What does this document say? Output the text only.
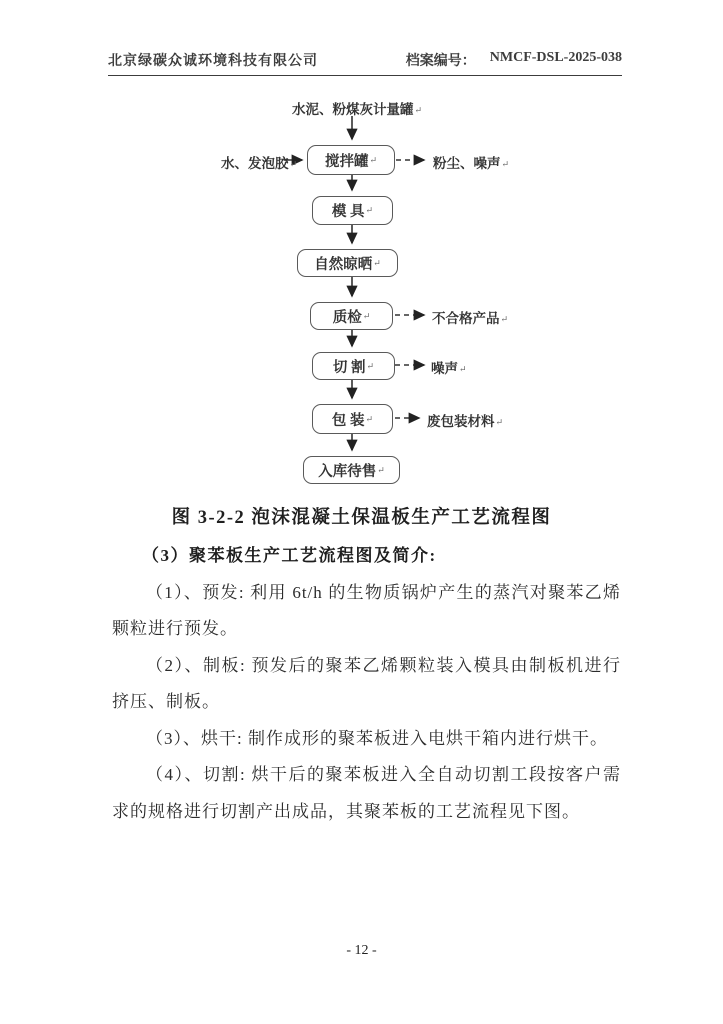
北京绿碳众诚环境科技有限公司	档案编号： NMCF-DSL-2025-038
水泥、粉煤灰计量罐↵
水、发泡胶↵ 搅拌罐 ↵
模 具 ↵
自然晾晒 ↵
质检 ↵
切 割 ↵
包 装 ↵
入库待售 ↵
粉尘、噪声↵
不合格产品↵
噪声↵
废包装材料↵
图 3-2-2 泡沫混凝土保温板生产工艺流程图

（3）聚苯板生产工艺流程图及简介:

（1）、预发: 利用 6t/h 的生物质锅炉产生的蒸汽对聚苯乙烯颗粒进行预发。

（2）、制板: 预发后的聚苯乙烯颗粒装入模具由制板机进行挤压、制板。

（3）、烘干: 制作成形的聚苯板进入电烘干箱内进行烘干。

（4）、切割: 烘干后的聚苯板进入全自动切割工段按客户需求的规格进行切割产出成品，其聚苯板的工艺流程见下图。

- 12 -
